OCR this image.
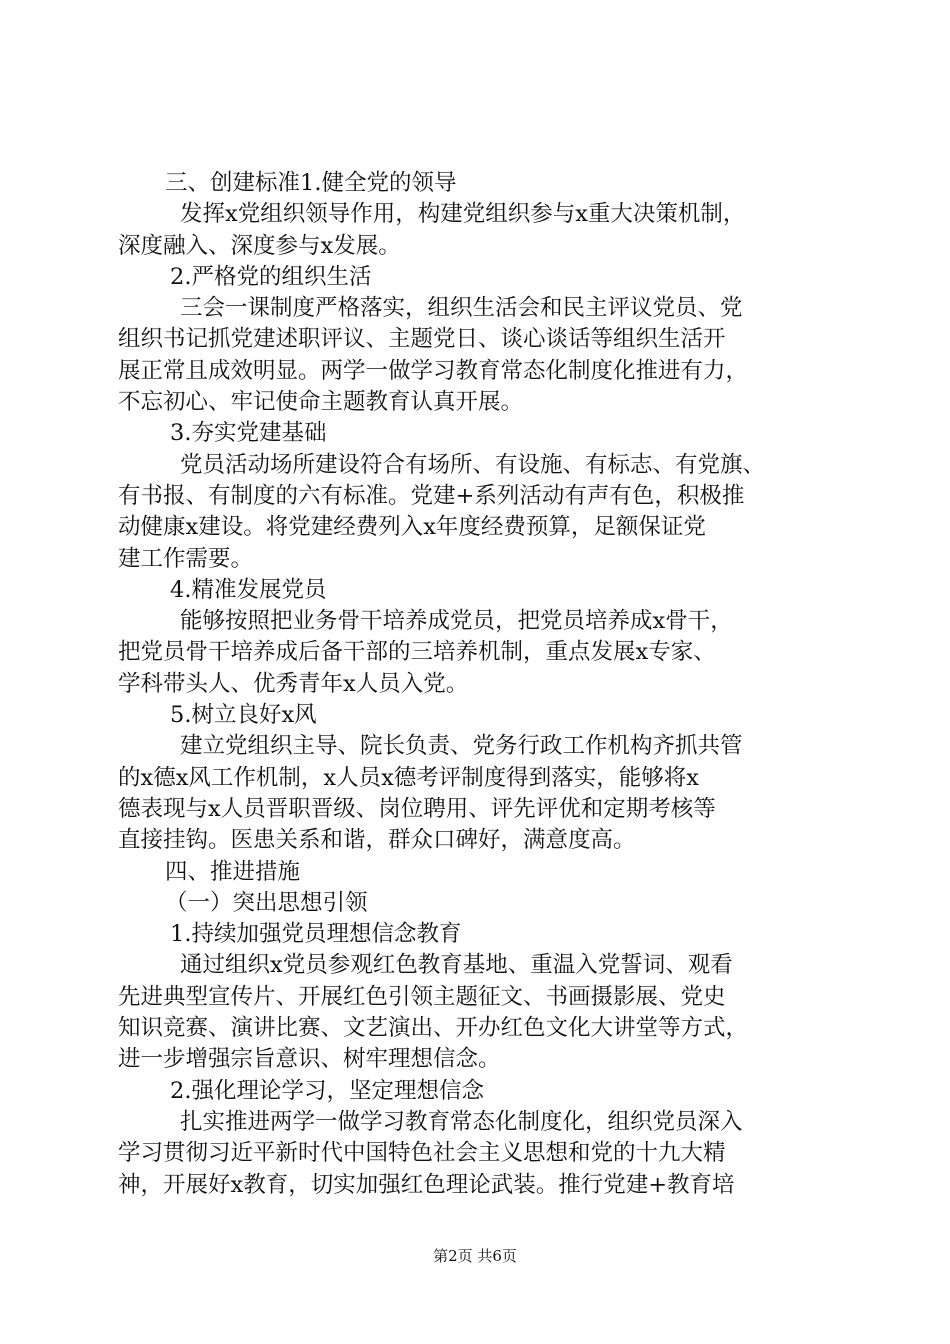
三、创建标准1.健全党的领导
发挥x党组织领导作用，构建党组织参与x重大决策机制，
深度融入、深度参与x发展。
2.严格党的组织生活
三会一课制度严格落实，组织生活会和民主评议党员、党
组织书记抓党建述职评议、主题党日、谈心谈话等组织生活开
展正常且成效明显。两学一做学习教育常态化制度化推进有力，
不忘初心、牢记使命主题教育认真开展。
3.夯实党建基础
党员活动场所建设符合有场所、有设施、有标志、有党旗、
有书报、有制度的六有标准。党建+系列活动有声有色，积极推
动健康x建设。将党建经费列入x年度经费预算，足额保证党
建工作需要。
4.精准发展党员
能够按照把业务骨干培养成党员，把党员培养成x骨干，
把党员骨干培养成后备干部的三培养机制，重点发展x专家、
学科带头人、优秀青年x人员入党。
5.树立良好x风
建立党组织主导、院长负责、党务行政工作机构齐抓共管
的x德x风工作机制，x人员x德考评制度得到落实，能够将x
德表现与x人员晋职晋级、岗位聘用、评先评优和定期考核等
直接挂钩。医患关系和谐，群众口碑好，满意度高。
四、推进措施
（一）突出思想引领
1.持续加强党员理想信念教育
通过组织x党员参观红色教育基地、重温入党誓词、观看
先进典型宣传片、开展红色引领主题征文、书画摄影展、党史
知识竞赛、演讲比赛、文艺演出、开办红色文化大讲堂等方式，
进一步增强宗旨意识、树牢理想信念。
2.强化理论学习，坚定理想信念
扎实推进两学一做学习教育常态化制度化，组织党员深入
学习贯彻习近平新时代中国特色社会主义思想和党的十九大精
神，开展好x教育，切实加强红色理论武装。推行党建+教育培
第2页 共6页
